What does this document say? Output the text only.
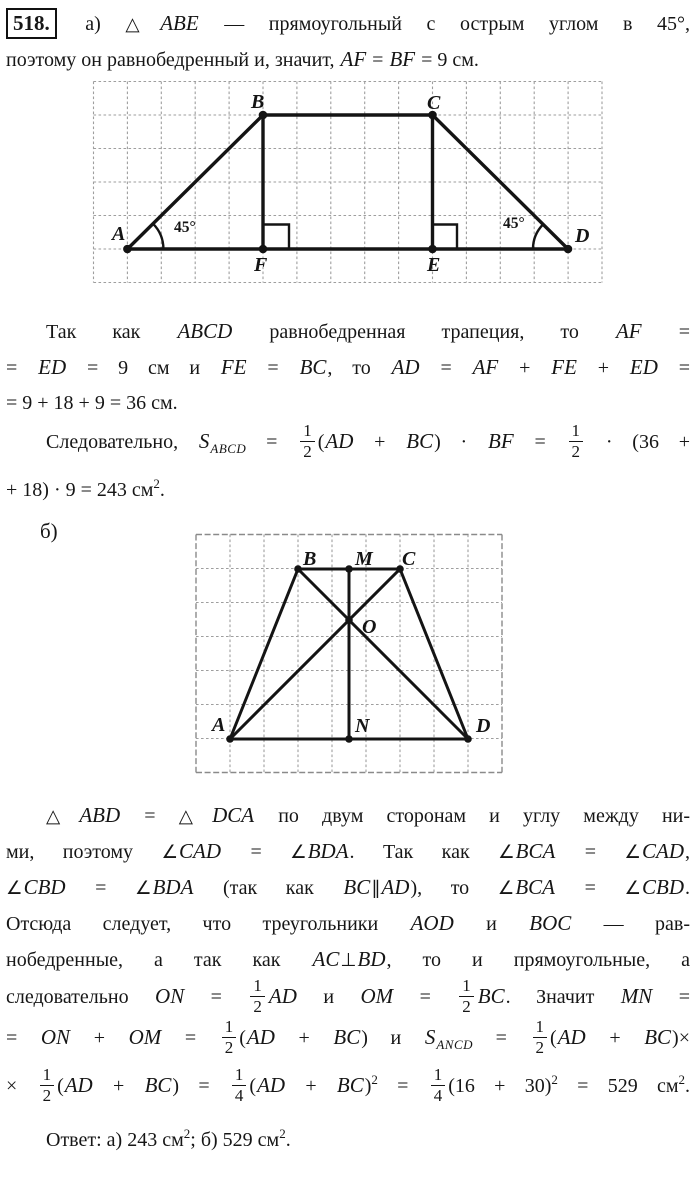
518. а) △ABE — прямоугольный с острым углом в 45°,
поэтому он равнобедренный и, значит, AF = BF = 9 см.
A
B	C
D
F	E
45°	45°
Так как ABCD равнобедренная трапеция, то AF =
= ED = 9 см и FE = BC, то AD = AF + FE + ED =
= 9 + 18 + 9 = 36 см.
Следовательно, $S_{ABCD} = \frac{1}{2} (AD + BC)$ · BF = $\frac{1}{2} \cdot (36$ +
+ 18) · 9 = 243 $см^2$.
A
B M C
O
N	D
б)
△ABD = △DCA по двум сторонам и углу между ни-
ми, поэтому ∠CAD = ∠BDA. Так как ∠BCA = ∠CAD,
∠CBD = ∠BDA (так как BC∥AD), то ∠BCA = ∠CBD.
Отсюда следует, что треугольники AOD и BOC — рав-
нобедренные, а так как AC⊥BD, то и прямоугольные, а
следовательно ON = $\frac{1}{2}$ AD и OM = $\frac{1}{2}$ BC. Значит MN =
= ON + OM = $\frac{1}{2} (AD + BC)$ и $S_{ANCD} = \frac{1}{2} (AD + BC)\times$
× $\frac{1}{2} (AD + BC) = \frac{1}{4} (AD + BC)^2 = \frac{1}{4} (16 + 30)^2 = 529$ $см^2$.
Ответ: а) 243 $см^2$; б) 529 $см^2$.
